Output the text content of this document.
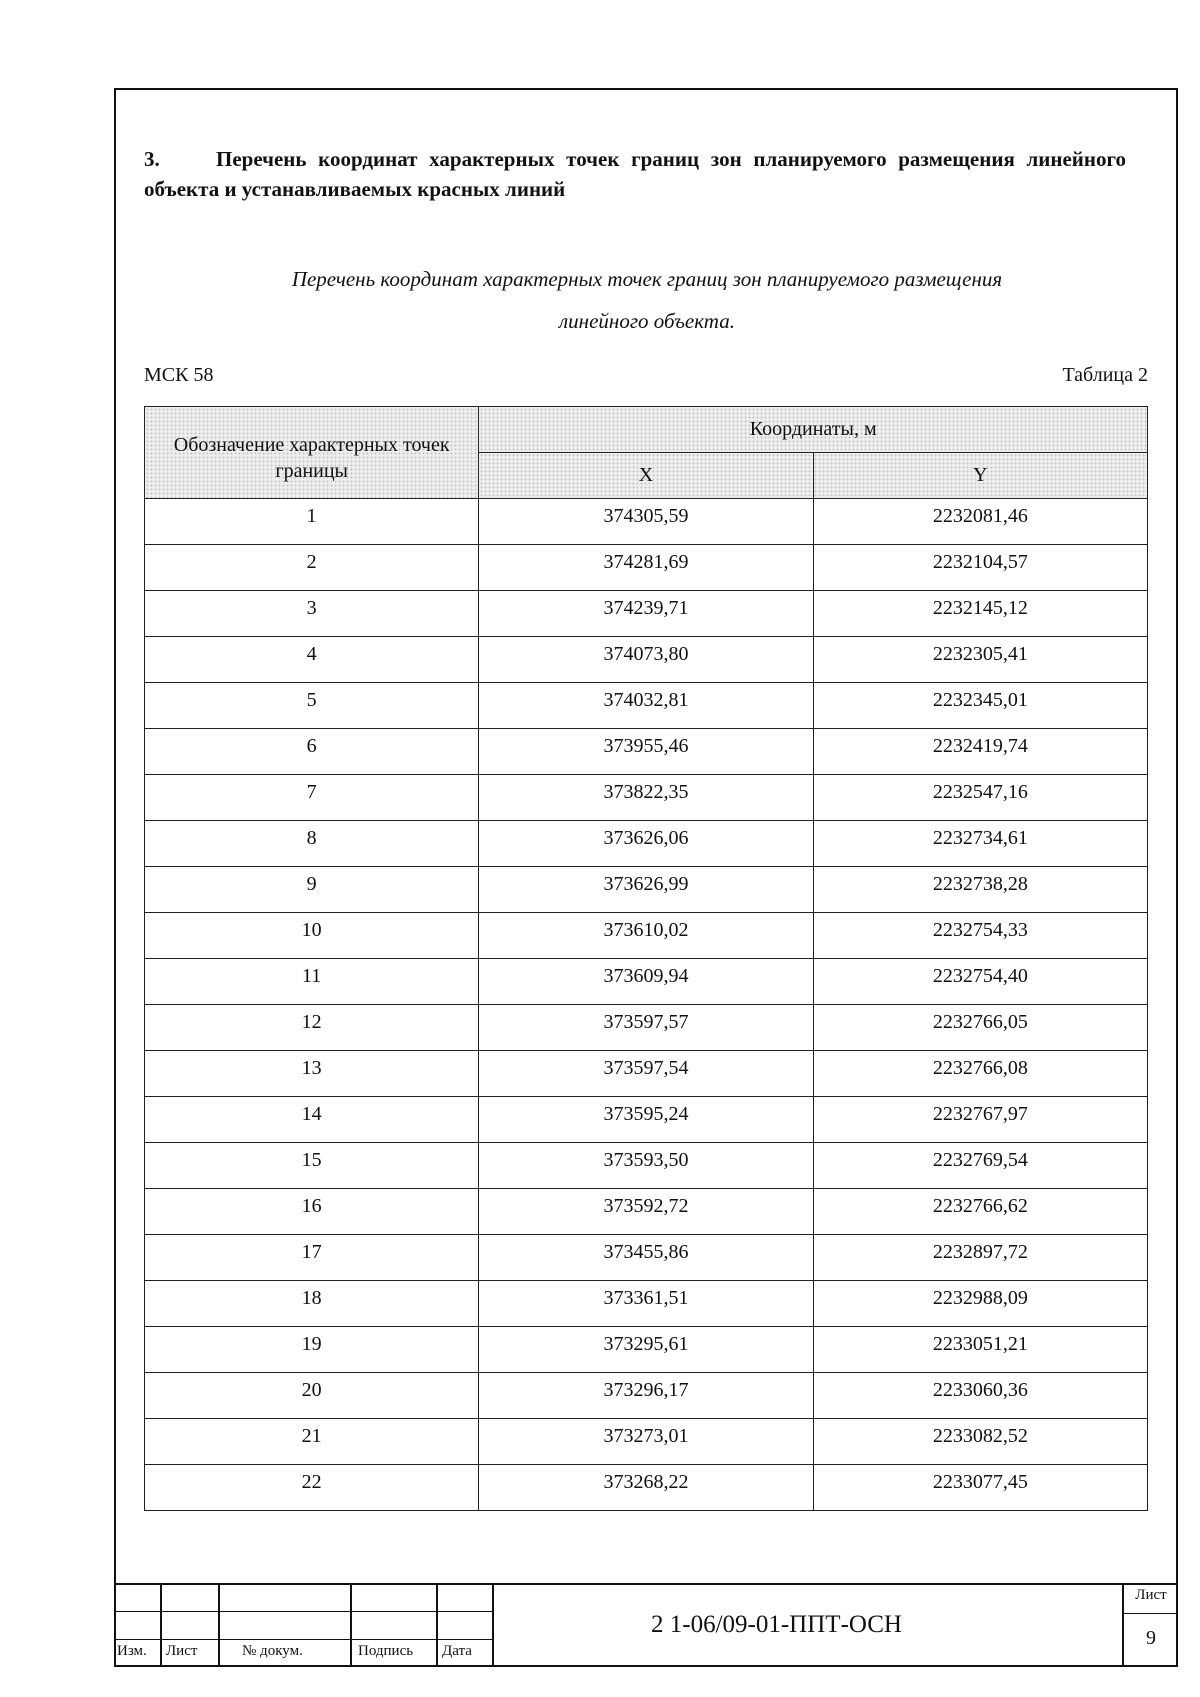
3.	Перечень координат характерных точек границ зон планируемого размещения линейного объекта и устанавливаемых красных линий
Перечень координат характерных точек границ зон планируемого размещения
линейного объекта.
МСК 58	Таблица 2
Обозначение характерных точек границы	Координаты, м	
	X	Y
1	374305,59	2232081,46
2	374281,69	2232104,57
3	374239,71	2232145,12
4	374073,80	2232305,41
5	374032,81	2232345,01
6	373955,46	2232419,74
7	373822,35	2232547,16
8	373626,06	2232734,61
9	373626,99	2232738,28
10	373610,02	2232754,33
11	373609,94	2232754,40
12	373597,57	2232766,05
13	373597,54	2232766,08
14	373595,24	2232767,97
15	373593,50	2232769,54
16	373592,72	2232766,62
17	373455,86	2232897,72
18	373361,51	2232988,09
19	373295,61	2233051,21
20	373296,17	2233060,36
21	373273,01	2233082,52
22	373268,22	2233077,45
Изм. Лист	№ докум.	Подпись Дата
2 1-06/09-01-ППТ-ОСН
Лист
9
